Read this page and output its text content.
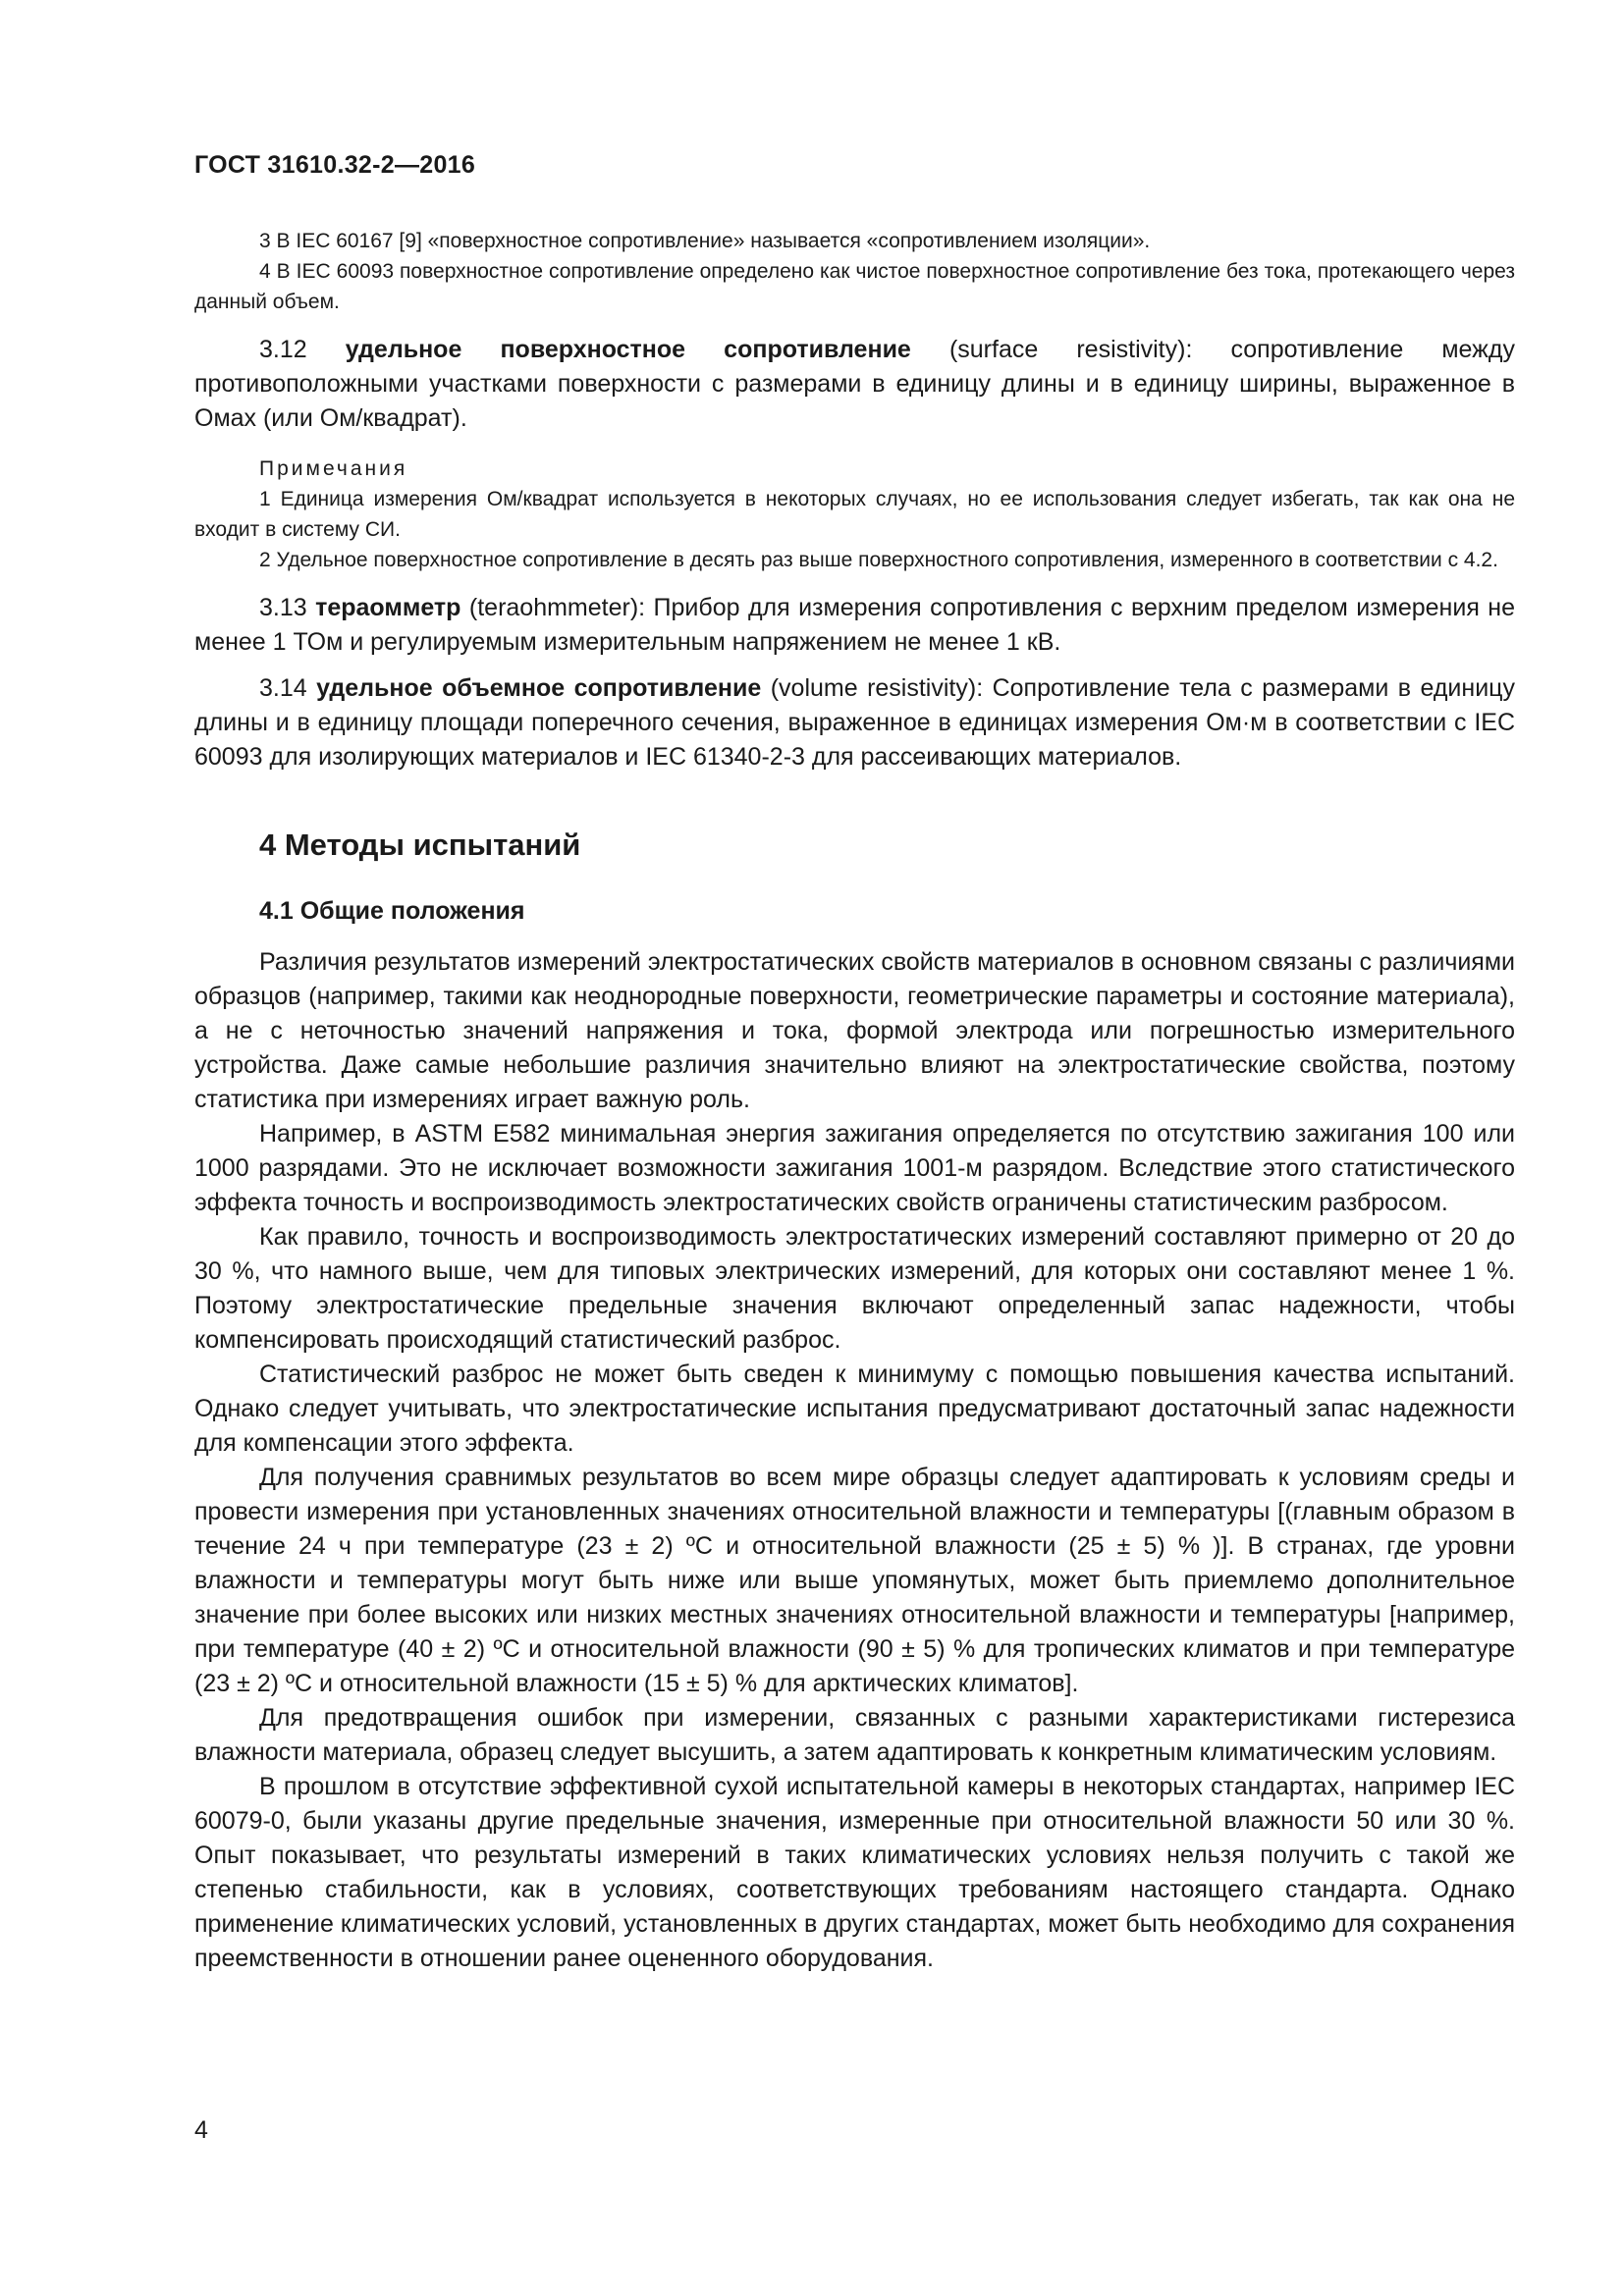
ГОСТ 31610.32-2—2016

3 В IEC 60167 [9] «поверхностное сопротивление» называется «сопротивлением изоляции».

4 В IEC 60093 поверхностное сопротивление определено как чистое поверхностное сопротивление без тока, протекающего через данный объем.

3.12 удельное поверхностное сопротивление (surface resistivity): сопротивление между противоположными участками поверхности с размерами в единицу длины и в единицу ширины, выраженное в Омах (или Ом/квадрат).

Примечания

1 Единица измерения Ом/квадрат используется в некоторых случаях, но ее использования следует избегать, так как она не входит в систему СИ.

2 Удельное поверхностное сопротивление в десять раз выше поверхностного сопротивления, измеренного в соответствии с 4.2.

3.13 тераомметр (teraohmmeter): Прибор для измерения сопротивления с верхним пределом измерения не менее 1 ТОм и регулируемым измерительным напряжением не менее 1 кВ.

3.14 удельное объемное сопротивление (volume resistivity): Сопротивление тела с размерами в единицу длины и в единицу площади поперечного сечения, выраженное в единицах измерения Ом·м в соответствии с IEC 60093 для изолирующих материалов и IEC 61340-2-3 для рассеивающих материалов.

4 Методы испытаний
4.1 Общие положения

Различия результатов измерений электростатических свойств материалов в основном связаны с различиями образцов (например, такими как неоднородные поверхности, геометрические параметры и состояние материала), а не с неточностью значений напряжения и тока, формой электрода или погрешностью измерительного устройства. Даже самые небольшие различия значительно влияют на электростатические свойства, поэтому статистика при измерениях играет важную роль.

Например, в ASTM E582 минимальная энергия зажигания определяется по отсутствию зажигания 100 или 1000 разрядами. Это не исключает возможности зажигания 1001-м разрядом. Вследствие этого статистического эффекта точность и воспроизводимость электростатических свойств ограничены статистическим разбросом.

Как правило, точность и воспроизводимость электростатических измерений составляют примерно от 20 до 30 %, что намного выше, чем для типовых электрических измерений, для которых они составляют менее 1 %. Поэтому электростатические предельные значения включают определенный запас надежности, чтобы компенсировать происходящий статистический разброс.

Статистический разброс не может быть сведен к минимуму с помощью повышения качества испытаний. Однако следует учитывать, что электростатические испытания предусматривают достаточный запас надежности для компенсации этого эффекта.

Для получения сравнимых результатов во всем мире образцы следует адаптировать к условиям среды и провести измерения при установленных значениях относительной влажности и температуры [(главным образом в течение 24 ч при температуре (23 ± 2) ºС и относительной влажности (25 ± 5) % )]. В странах, где уровни влажности и температуры могут быть ниже или выше упомянутых, может быть приемлемо дополнительное значение при более высоких или низких местных значениях относительной влажности и температуры [например, при температуре (40 ± 2) ºС и относительной влажности (90 ± 5) % для тропических климатов и при температуре (23 ± 2) ºС и относительной влажности (15 ± 5) % для арктических климатов].

Для предотвращения ошибок при измерении, связанных с разными характеристиками гистерезиса влажности материала, образец следует высушить, а затем адаптировать к конкретным климатическим условиям.

В прошлом в отсутствие эффективной сухой испытательной камеры в некоторых стандартах, например IEC 60079-0, были указаны другие предельные значения, измеренные при относительной влажности 50 или 30 %. Опыт показывает, что результаты измерений в таких климатических условиях нельзя получить с такой же степенью стабильности, как в условиях, соответствующих требованиям настоящего стандарта. Однако применение климатических условий, установленных в других стандартах, может быть необходимо для сохранения преемственности в отношении ранее оцененного оборудования.

4
